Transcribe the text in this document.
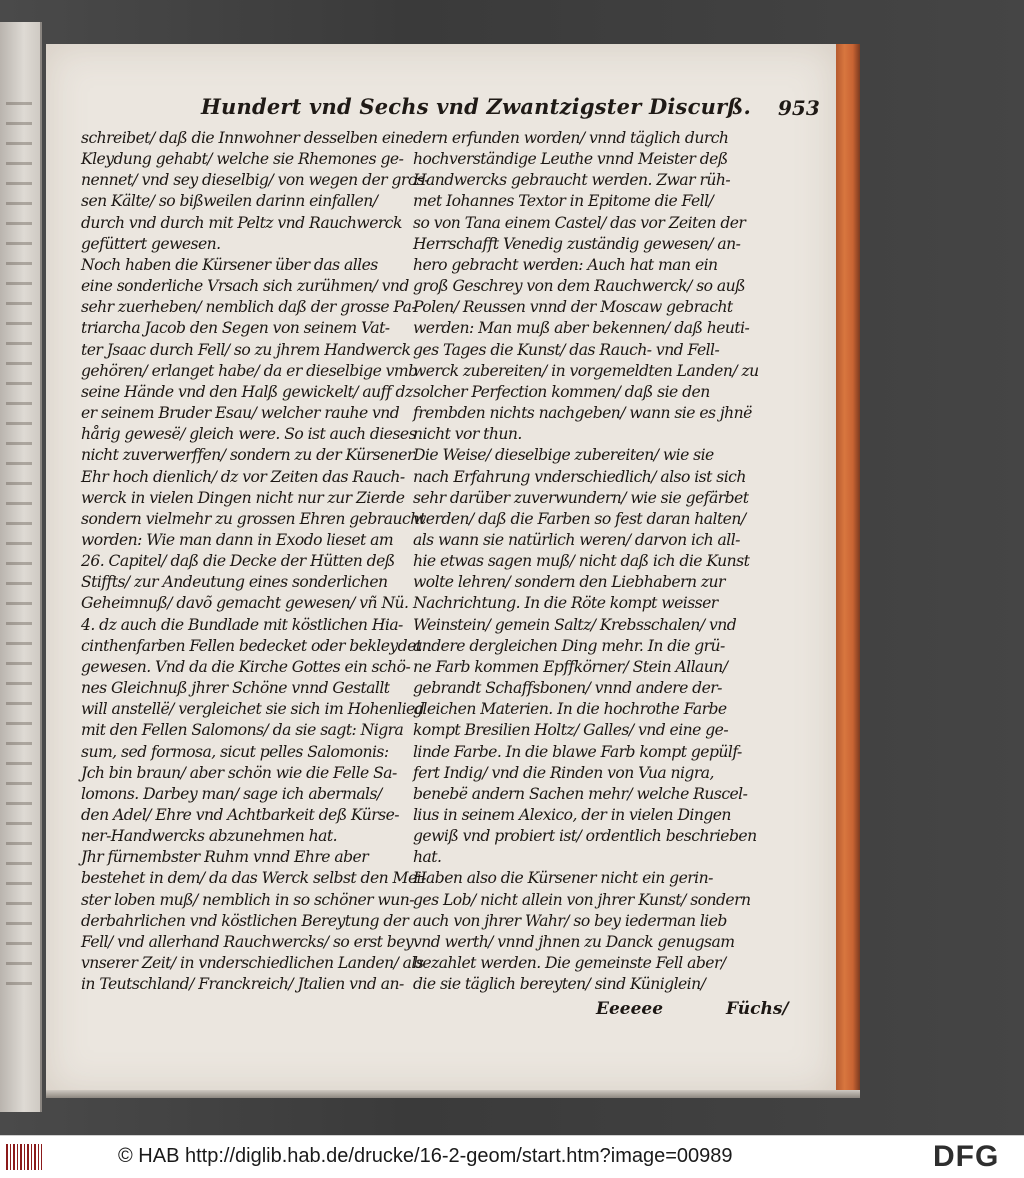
Hundert vnd Sechs vnd Zwantzigster Discurß.	953
schreibet/ daß die Innwohner desselben eine
Kleydung gehabt/ welche sie Rhemones ge-
nennet/ vnd sey dieselbig/ von wegen der gros-
sen Kälte/ so bißweilen darinn einfallen/
durch vnd durch mit Peltz vnd Rauchwerck
gefüttert gewesen.
Noch haben die Kürsener über das alles
eine sonderliche Vrsach sich zurühmen/ vnd
sehr zuerheben/ nemblich daß der grosse Pa-
triarcha Jacob den Segen von seinem Vat-
ter Jsaac durch Fell/ so zu jhrem Handwerck
gehören/ erlanget habe/ da er dieselbige vmb
seine Hände vnd den Halß gewickelt/ auff dz
er seinem Bruder Esau/ welcher rauhe vnd
hårig gewesë/ gleich were. So ist auch dieses
nicht zuverwerffen/ sondern zu der Kürsener
Ehr hoch dienlich/ dz vor Zeiten das Rauch-
werck in vielen Dingen nicht nur zur Zierde
sondern vielmehr zu grossen Ehren gebraucht
worden: Wie man dann in Exodo lieset am
26. Capitel/ daß die Decke der Hütten deß
Stiffts/ zur Andeutung eines sonderlichen
Geheimnuß/ davõ gemacht gewesen/ vñ Nü.
4. dz auch die Bundlade mit köstlichen Hia-
cinthenfarben Fellen bedecket oder bekleydet
gewesen. Vnd da die Kirche Gottes ein schö-
nes Gleichnuß jhrer Schöne vnnd Gestallt
will anstellë/ vergleichet sie sich im Hohenlied
mit den Fellen Salomons/ da sie sagt: Nigra
sum, sed formosa, sicut pelles Salomonis:
Jch bin braun/ aber schön wie die Felle Sa-
lomons. Darbey man/ sage ich abermals/
den Adel/ Ehre vnd Achtbarkeit deß Kürse-
ner-Handwercks abzunehmen hat.
Jhr fürnembster Ruhm vnnd Ehre aber
bestehet in dem/ da das Werck selbst den Mei-
ster loben muß/ nemblich in so schöner wun-
derbahrlichen vnd köstlichen Bereytung der
Fell/ vnd allerhand Rauchwercks/ so erst bey
vnserer Zeit/ in vnderschiedlichen Landen/ als
in Teutschland/ Franckreich/ Jtalien vnd an-
dern erfunden worden/ vnnd täglich durch
hochverständige Leuthe vnnd Meister deß
Handwercks gebraucht werden. Zwar rüh-
met Iohannes Textor in Epitome die Fell/
so von Tana einem Castel/ das vor Zeiten der
Herrschafft Venedig zuständig gewesen/ an-
hero gebracht werden: Auch hat man ein
groß Geschrey von dem Rauchwerck/ so auß
Polen/ Reussen vnnd der Moscaw gebracht
werden: Man muß aber bekennen/ daß heuti-
ges Tages die Kunst/ das Rauch- vnd Fell-
werck zubereiten/ in vorgemeldten Landen/ zu
solcher Perfection kommen/ daß sie den
frembden nichts nachgeben/ wann sie es jhnë
nicht vor thun.
Die Weise/ dieselbige zubereiten/ wie sie
nach Erfahrung vnderschiedlich/ also ist sich
sehr darüber zuverwundern/ wie sie gefärbet
werden/ daß die Farben so fest daran halten/
als wann sie natürlich weren/ darvon ich all-
hie etwas sagen muß/ nicht daß ich die Kunst
wolte lehren/ sondern den Liebhabern zur
Nachrichtung. In die Röte kompt weisser
Weinstein/ gemein Saltz/ Krebsschalen/ vnd
andere dergleichen Ding mehr. In die grü-
ne Farb kommen Epffkörner/ Stein Allaun/
gebrandt Schaffsbonen/ vnnd andere der-
gleichen Materien. In die hochrothe Farbe
kompt Bresilien Holtz/ Galles/ vnd eine ge-
linde Farbe. In die blawe Farb kompt gepülf-
fert Indig/ vnd die Rinden von Vua nigra,
benebë andern Sachen mehr/ welche Ruscel-
lius in seinem Alexico, der in vielen Dingen
gewiß vnd probiert ist/ ordentlich beschrieben
hat.
Haben also die Kürsener nicht ein gerin-
ges Lob/ nicht allein von jhrer Kunst/ sondern
auch von jhrer Wahr/ so bey iederman lieb
vnd werth/ vnnd jhnen zu Danck genugsam
bezahlet werden. Die gemeinste Fell aber/
die sie täglich bereyten/ sind Küniglein/
Eeeeee	Füchs/
© HAB http://diglib.hab.de/drucke/16-2-geom/start.htm?image=00989	DFG
